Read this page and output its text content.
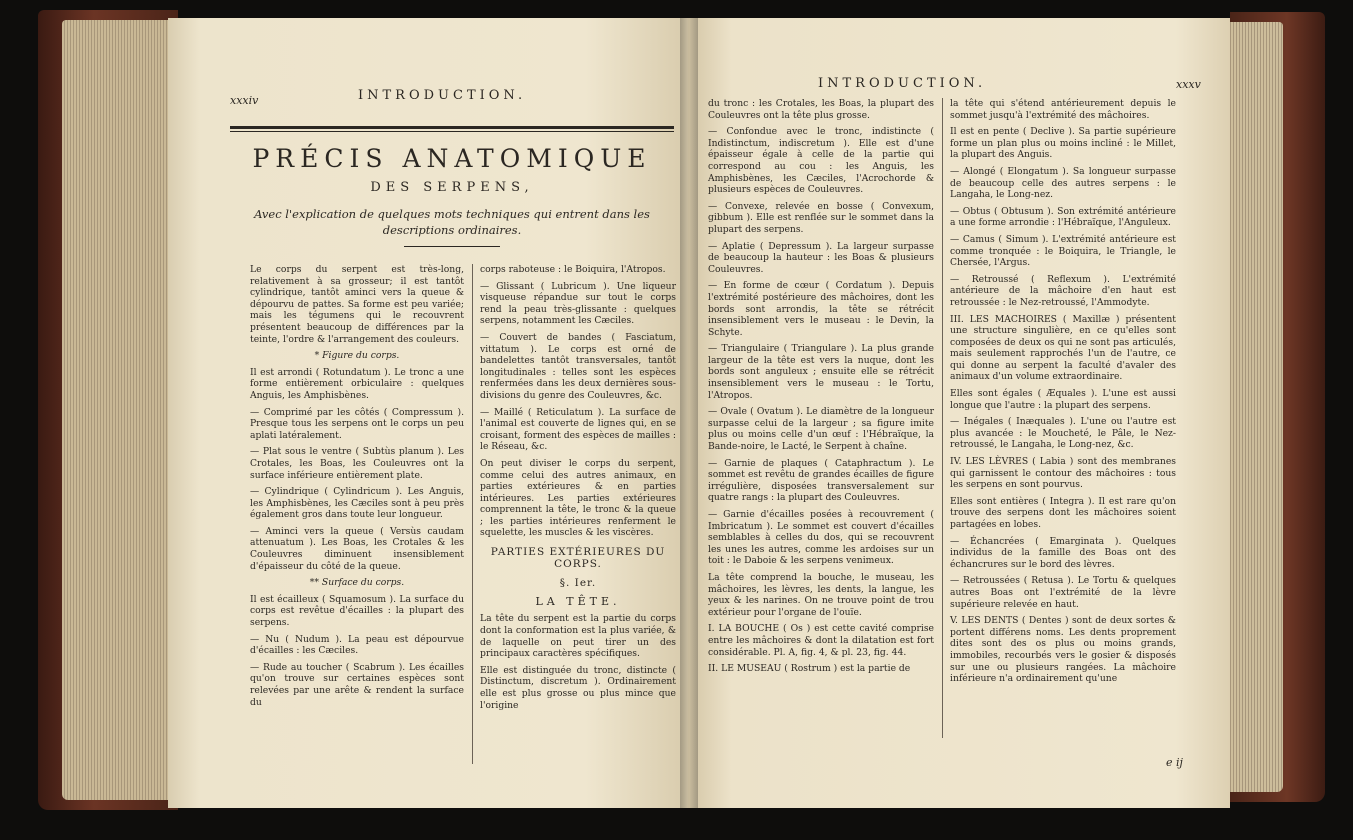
xxxiv	INTRODUCTION.
PRÉCIS ANATOMIQUE
DES SERPENS,
Avec l'explication de quelques mots techniques qui entrent dans les descriptions ordinaires.

Le corps du serpent est très-long, relativement à sa grosseur; il est tantôt cylindrique, tantôt aminci vers la queue & dépourvu de pattes. Sa forme est peu variée; mais les tégumens qui le recouvrent présentent beaucoup de différences par la teinte, l'ordre & l'arrangement des couleurs.

* Figure du corps.

Il est arrondi ( Rotundatum ). Le tronc a une forme entièrement orbiculaire : quelques Anguis, les Amphisbènes.

— Comprimé par les côtés ( Compressum ). Presque tous les serpens ont le corps un peu aplati latéralement.

— Plat sous le ventre ( Subtùs planum ). Les Crotales, les Boas, les Couleuvres ont la surface inférieure entièrement plate.

— Cylindrique ( Cylindricum ). Les Anguis, les Amphisbènes, les Cæciles sont à peu près également gros dans toute leur longueur.

— Aminci vers la queue ( Versùs caudam attenuatum ). Les Boas, les Crotales & les Couleuvres diminuent insensiblement d'épaisseur du côté de la queue.

** Surface du corps.

Il est écailleux ( Squamosum ). La surface du corps est revêtue d'écailles : la plupart des serpens.

— Nu ( Nudum ). La peau est dépourvue d'écailles : les Cæciles.

— Rude au toucher ( Scabrum ). Les écailles qu'on trouve sur certaines espèces sont relevées par une arête & rendent la surface du

corps raboteuse : le Boiquira, l'Atropos.

— Glissant ( Lubricum ). Une liqueur visqueuse répandue sur tout le corps rend la peau très-glissante : quelques serpens, notamment les Cæciles.

— Couvert de bandes ( Fasciatum, vittatum ). Le corps est orné de bandelettes tantôt transversales, tantôt longitudinales : telles sont les espèces renfermées dans les deux dernières sous-divisions du genre des Couleuvres, &c.

— Maillé ( Reticulatum ). La surface de l'animal est couverte de lignes qui, en se croisant, forment des espèces de mailles : le Réseau, &c.

On peut diviser le corps du serpent, comme celui des autres animaux, en parties extérieures & en parties intérieures. Les parties extérieures comprennent la tête, le tronc & la queue ; les parties intérieures renferment le squelette, les muscles & les viscères.

PARTIES EXTÉRIEURES DU CORPS.

§. Ier.

LA TÊTE.

La tête du serpent est la partie du corps dont la conformation est la plus variée, & de laquelle on peut tirer un des principaux caractères spécifiques.

Elle est distinguée du tronc, distincte ( Distinctum, discretum ). Ordinairement elle est plus grosse ou plus mince que l'origine

INTRODUCTION.	xxxv

du tronc : les Crotales, les Boas, la plupart des Couleuvres ont la tête plus grosse.

— Confondue avec le tronc, indistincte ( Indistinctum, indiscretum ). Elle est d'une épaisseur égale à celle de la partie qui correspond au cou : les Anguis, les Amphisbènes, les Cæciles, l'Acrochorde & plusieurs espèces de Couleuvres.

— Convexe, relevée en bosse ( Convexum, gibbum ). Elle est renflée sur le sommet dans la plupart des serpens.

— Aplatie ( Depressum ). La largeur surpasse de beaucoup la hauteur : les Boas & plusieurs Couleuvres.

— En forme de cœur ( Cordatum ). Depuis l'extrémité postérieure des mâchoires, dont les bords sont arrondis, la tête se rétrécit insensiblement vers le museau : le Devin, la Schyte.

— Triangulaire ( Triangulare ). La plus grande largeur de la tête est vers la nuque, dont les bords sont anguleux ; ensuite elle se rétrécit insensiblement vers le museau : le Tortu, l'Atropos.

— Ovale ( Ovatum ). Le diamètre de la longueur surpasse celui de la largeur ; sa figure imite plus ou moins celle d'un œuf : l'Hébraïque, la Bande-noire, le Lacté, le Serpent à chaîne.

— Garnie de plaques ( Cataphractum ). Le sommet est revêtu de grandes écailles de figure irrégulière, disposées transversalement sur quatre rangs : la plupart des Couleuvres.

— Garnie d'écailles posées à recouvrement ( Imbricatum ). Le sommet est couvert d'écailles semblables à celles du dos, qui se recouvrent les unes les autres, comme les ardoises sur un toit : le Daboie & les serpens venimeux.

La tête comprend la bouche, le museau, les mâchoires, les lèvres, les dents, la langue, les yeux & les narines. On ne trouve point de trou extérieur pour l'organe de l'ouïe.

I. LA BOUCHE ( Os ) est cette cavité comprise entre les mâchoires & dont la dilatation est fort considérable. Pl. A, fig. 4, & pl. 23, fig. 44.

II. LE MUSEAU ( Rostrum ) est la partie de

la tête qui s'étend antérieurement depuis le sommet jusqu'à l'extrémité des mâchoires.

Il est en pente ( Declive ). Sa partie supérieure forme un plan plus ou moins incliné : le Millet, la plupart des Anguis.

— Alongé ( Elongatum ). Sa longueur surpasse de beaucoup celle des autres serpens : le Langaha, le Long-nez.

— Obtus ( Obtusum ). Son extrémité antérieure a une forme arrondie : l'Hébraïque, l'Anguleux.

— Camus ( Simum ). L'extrémité antérieure est comme tronquée : le Boiquira, le Triangle, le Chersée, l'Argus.

— Retroussé ( Reflexum ). L'extrémité antérieure de la mâchoire d'en haut est retroussée : le Nez-retroussé, l'Ammodyte.

III. LES MACHOIRES ( Maxillæ ) présentent une structure singulière, en ce qu'elles sont composées de deux os qui ne sont pas articulés, mais seulement rapprochés l'un de l'autre, ce qui donne au serpent la faculté d'avaler des animaux d'un volume extraordinaire.

Elles sont égales ( Æquales ). L'une est aussi longue que l'autre : la plupart des serpens.

— Inégales ( Inæquales ). L'une ou l'autre est plus avancée : le Moucheté, le Pâle, le Nez-retroussé, le Langaha, le Long-nez, &c.

IV. LES LÈVRES ( Labia ) sont des membranes qui garnissent le contour des mâchoires : tous les serpens en sont pourvus.

Elles sont entières ( Integra ). Il est rare qu'on trouve des serpens dont les mâchoires soient partagées en lobes.

— Échancrées ( Emarginata ). Quelques individus de la famille des Boas ont des échancrures sur le bord des lèvres.

— Retroussées ( Retusa ). Le Tortu & quelques autres Boas ont l'extrémité de la lèvre supérieure relevée en haut.

V. LES DENTS ( Dentes ) sont de deux sortes & portent différens noms. Les dents proprement dites sont des os plus ou moins grands, immobiles, recourbés vers le gosier & disposés sur une ou plusieurs rangées. La mâchoire inférieure n'a ordinairement qu'une

e ij
